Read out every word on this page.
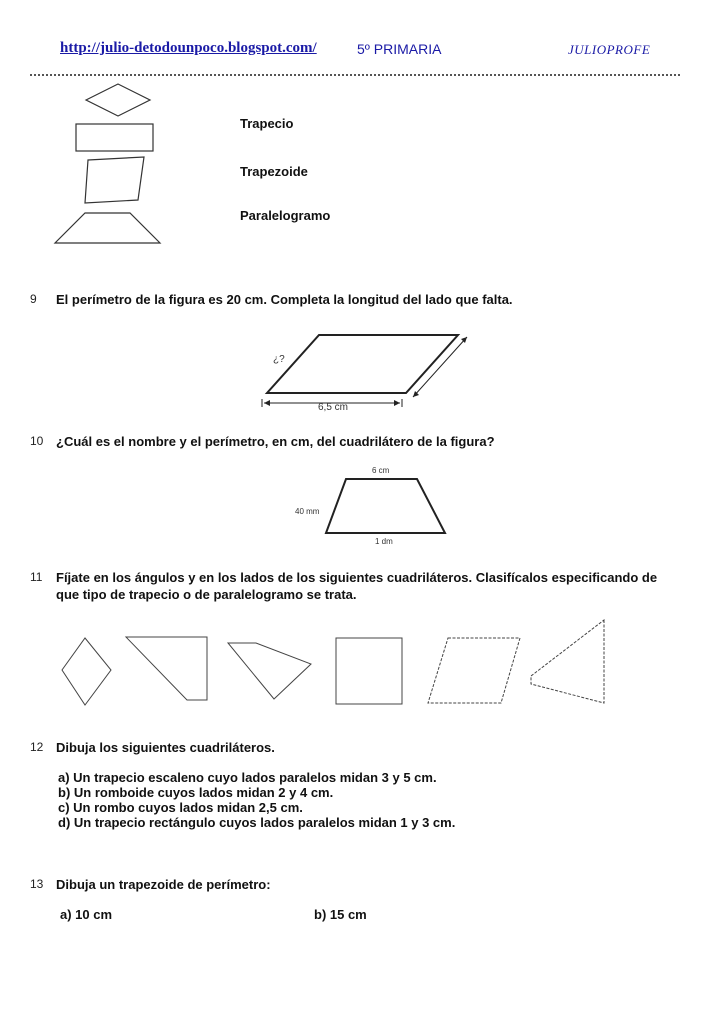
http://julio-detodounpoco.blogspot.com/	5º PRIMARIA	JULIOPROFE
Trapecio
Trapezoide
Paralelogramo
9 El perímetro de la figura es 20 cm. Completa la longitud del lado que falta.
¿?
6,5 cm
10 ¿Cuál es el nombre y el perímetro, en cm, del cuadrilátero de la figura?
6 cm
40 mm
1 dm
11 Fíjate en los ángulos y en los lados de los siguientes cuadriláteros. Clasifícalos especificando de
que tipo de trapecio o de paralelogramo se trata.
12 Dibuja los siguientes cuadriláteros.
a) Un trapecio escaleno cuyo lados paralelos midan 3 y 5 cm.
b) Un romboide cuyos lados midan 2 y 4 cm.
c) Un rombo cuyos lados midan 2,5 cm.
d) Un trapecio rectángulo cuyos lados paralelos midan 1 y 3 cm.
13 Dibuja un trapezoide de perímetro:
a) 10 cm	b) 15 cm
